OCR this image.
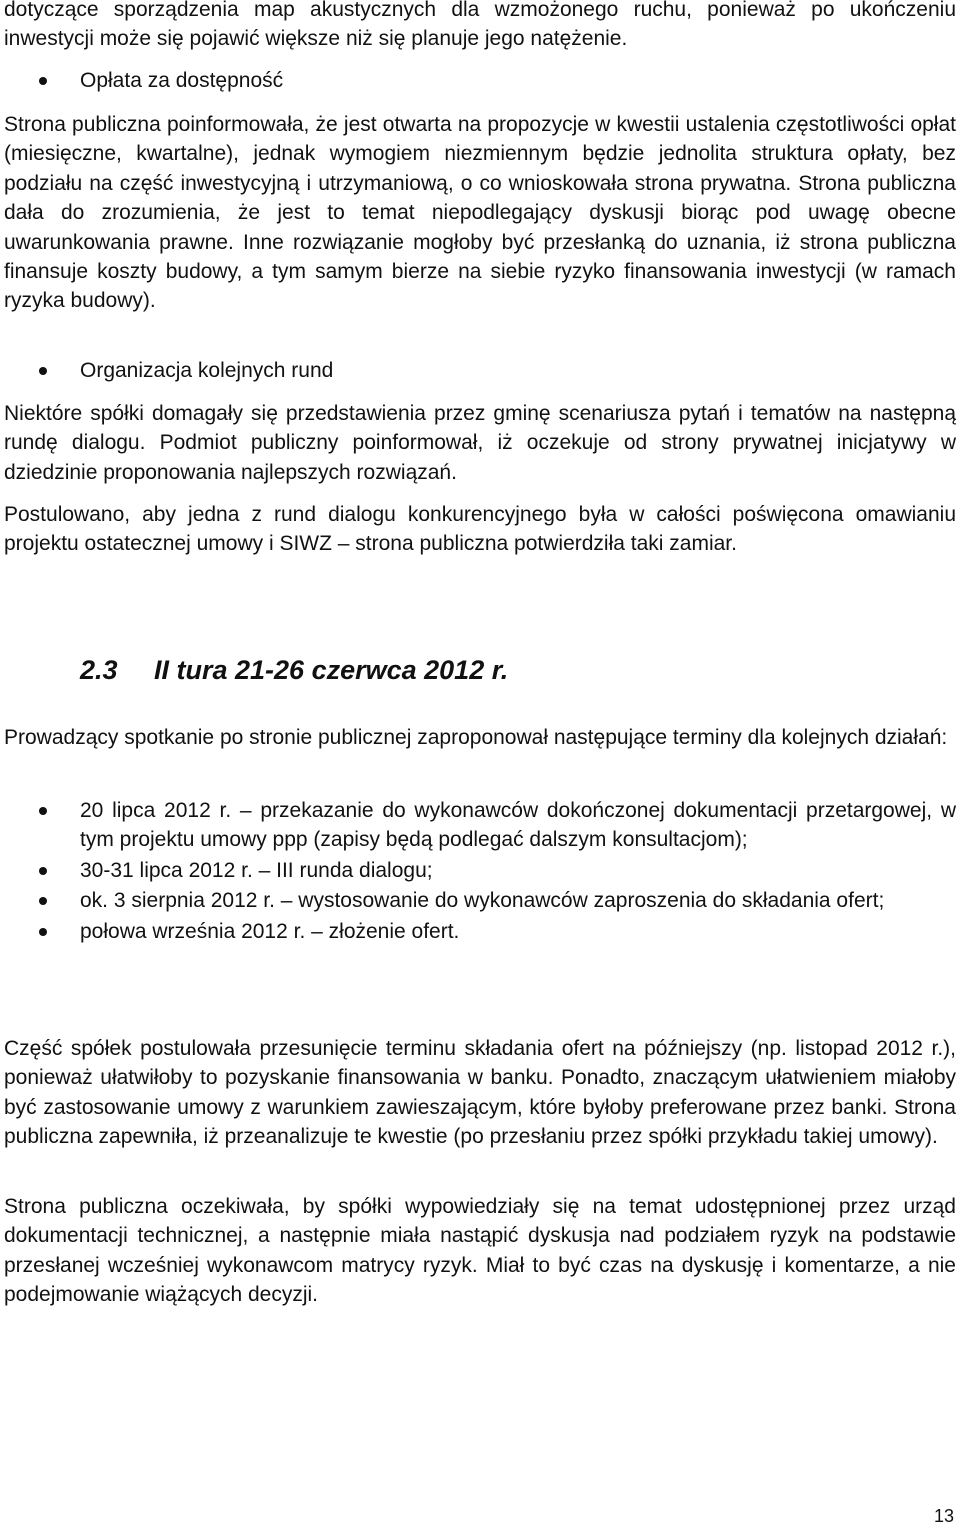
dotyczące sporządzenia map akustycznych dla wzmożonego ruchu, ponieważ po ukończeniu inwestycji może się pojawić większe niż się planuje jego natężenie.

Opłata za dostępność

Strona publiczna poinformowała, że jest otwarta na propozycje w kwestii ustalenia częstotliwości opłat (miesięczne, kwartalne), jednak wymogiem niezmiennym będzie jednolita struktura opłaty, bez podziału na część inwestycyjną i utrzymaniową, o co wnioskowała strona prywatna. Strona publiczna dała do zrozumienia, że jest to temat niepodlegający dyskusji biorąc pod uwagę obecne uwarunkowania prawne. Inne rozwiązanie mogłoby być przesłanką do uznania, iż strona publiczna finansuje koszty budowy, a tym samym bierze na siebie ryzyko finansowania inwestycji (w ramach ryzyka budowy).

Organizacja kolejnych rund

Niektóre spółki domagały się przedstawienia przez gminę scenariusza pytań i tematów na następną rundę dialogu. Podmiot publiczny poinformował, iż oczekuje od strony prywatnej inicjatywy w dziedzinie proponowania najlepszych rozwiązań.

Postulowano, aby jedna z rund dialogu konkurencyjnego była w całości poświęcona omawianiu projektu ostatecznej umowy i SIWZ – strona publiczna potwierdziła taki zamiar.

2.3 II tura 21-26 czerwca 2012 r.

Prowadzący spotkanie po stronie publicznej zaproponował następujące terminy dla kolejnych działań:

20 lipca 2012 r. – przekazanie do wykonawców dokończonej dokumentacji przetargowej, w tym projektu umowy ppp (zapisy będą podlegać dalszym konsultacjom);
30-31 lipca 2012 r. – III runda dialogu;
ok. 3 sierpnia 2012 r. – wystosowanie do wykonawców zaproszenia do składania ofert;
połowa września 2012 r. – złożenie ofert.

Część spółek postulowała przesunięcie terminu składania ofert na późniejszy (np. listopad 2012 r.), ponieważ ułatwiłoby to pozyskanie finansowania w banku. Ponadto, znaczącym ułatwieniem miałoby być zastosowanie umowy z warunkiem zawieszającym, które byłoby preferowane przez banki. Strona publiczna zapewniła, iż przeanalizuje te kwestie (po przesłaniu przez spółki przykładu takiej umowy).

Strona publiczna oczekiwała, by spółki wypowiedziały się na temat udostępnionej przez urząd dokumentacji technicznej, a następnie miała nastąpić dyskusja nad podziałem ryzyk na podstawie przesłanej wcześniej wykonawcom matrycy ryzyk. Miał to być czas na dyskusję i komentarze, a nie podejmowanie wiążących decyzji.

13
